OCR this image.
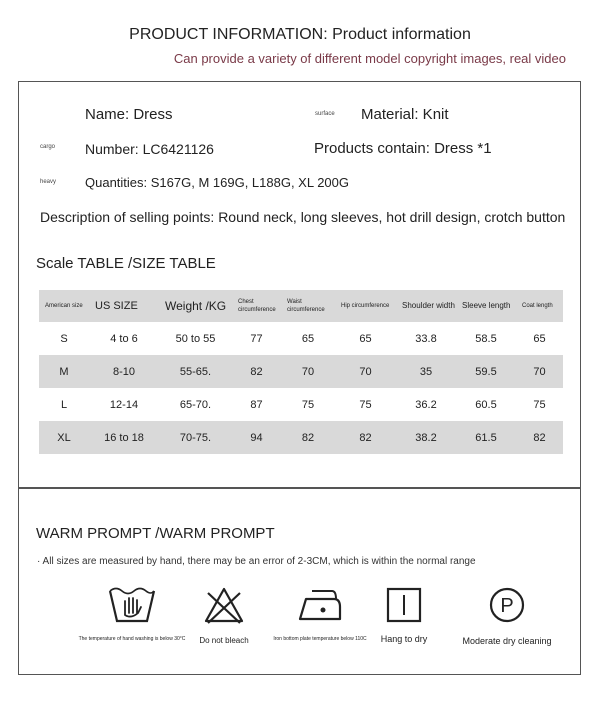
PRODUCT INFORMATION: Product information
Can provide a variety of different model copyright images, real video
Name: Dress	surface Material: Knit
cargo Number: LC6421126	Products contain: Dress *1
heavy Quantities: S167G, M 169G, L188G, XL 200G
Description of selling points: Round neck, long sleeves, hot drill design, crotch button
Scale TABLE /SIZE TABLE
American size	US SIZE	Weight /KG	Chest circumference	Waist circumference	Hip circumference	Shoulder width	Sleeve length	Coat length
S	4 to 6	50 to 55	77	65	65	33.8	58.5	65
M	8-10	55-65.	82	70	70	35	59.5	70
L	12-14	65-70.	87	75	75	36.2	60.5	75
XL	16 to 18	70-75.	94	82	82	38.2	61.5	82
WARM PROMPT /WARM PROMPT
· All sizes are measured by hand, there may be an error of 2-3CM, which is within the normal range
The temperature of hand washing is below 30°C Do not bleach	Iron bottom plate temperature below 110C Hang to dry
P
Moderate dry cleaning
